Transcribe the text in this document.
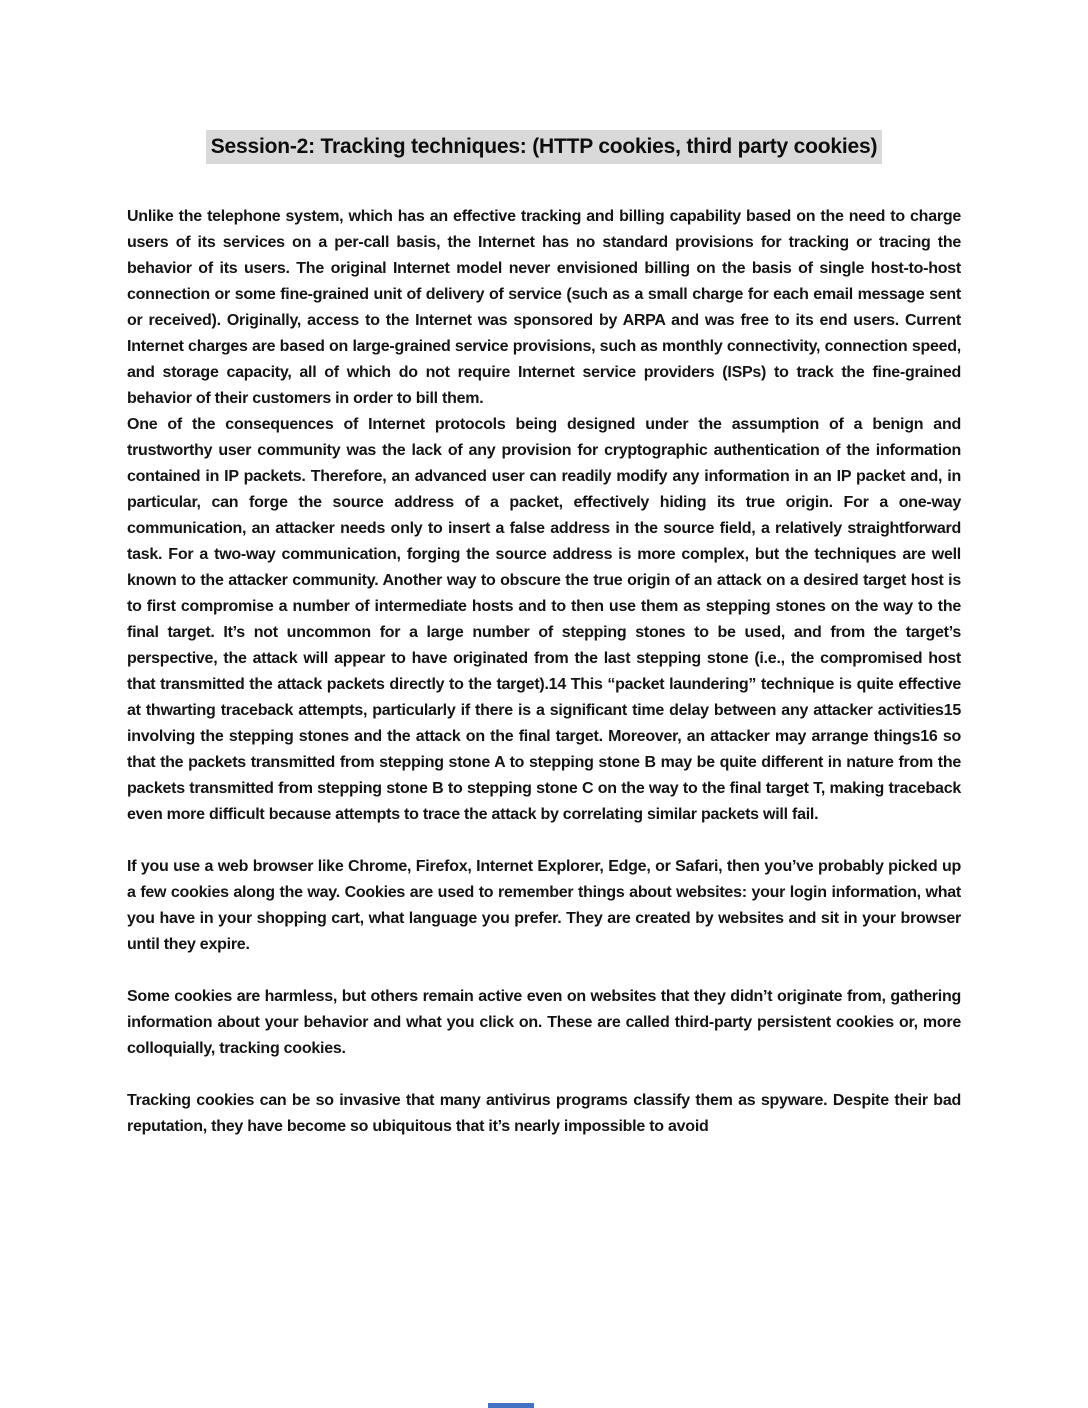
Session-2: Tracking techniques: (HTTP cookies, third party cookies)

Unlike the telephone system, which has an effective tracking and billing capability based on the need to charge users of its services on a per-call basis, the Internet has no standard provisions for tracking or tracing the behavior of its users. The original Internet model never envisioned billing on the basis of single host-to-host connection or some fine-grained unit of delivery of service (such as a small charge for each email message sent or received). Originally, access to the Internet was sponsored by ARPA and was free to its end users. Current Internet charges are based on large-grained service provisions, such as monthly connectivity, connection speed, and storage capacity, all of which do not require Internet service providers (ISPs) to track the fine-grained behavior of their customers in order to bill them.

One of the consequences of Internet protocols being designed under the assumption of a benign and trustworthy user community was the lack of any provision for cryptographic authentication of the information contained in IP packets. Therefore, an advanced user can readily modify any information in an IP packet and, in particular, can forge the source address of a packet, effectively hiding its true origin. For a one-way communication, an attacker needs only to insert a false address in the source field, a relatively straightforward task. For a two-way communication, forging the source address is more complex, but the techniques are well known to the attacker community. Another way to obscure the true origin of an attack on a desired target host is to first compromise a number of intermediate hosts and to then use them as stepping stones on the way to the final target. It’s not uncommon for a large number of stepping stones to be used, and from the target’s perspective, the attack will appear to have originated from the last stepping stone (i.e., the compromised host that transmitted the attack packets directly to the target).14 This “packet laundering” technique is quite effective at thwarting traceback attempts, particularly if there is a significant time delay between any attacker activities15 involving the stepping stones and the attack on the final target. Moreover, an attacker may arrange things16 so that the packets transmitted from stepping stone A to stepping stone B may be quite different in nature from the packets transmitted from stepping stone B to stepping stone C on the way to the final target T, making traceback even more difficult because attempts to trace the attack by correlating similar packets will fail.

If you use a web browser like Chrome, Firefox, Internet Explorer, Edge, or Safari, then you’ve probably picked up a few cookies along the way. Cookies are used to remember things about websites: your login information, what you have in your shopping cart, what language you prefer. They are created by websites and sit in your browser until they expire.

Some cookies are harmless, but others remain active even on websites that they didn’t originate from, gathering information about your behavior and what you click on. These are called third-party persistent cookies or, more colloquially, tracking cookies.

Tracking cookies can be so invasive that many antivirus programs classify them as spyware. Despite their bad reputation, they have become so ubiquitous that it’s nearly impossible to avoid
